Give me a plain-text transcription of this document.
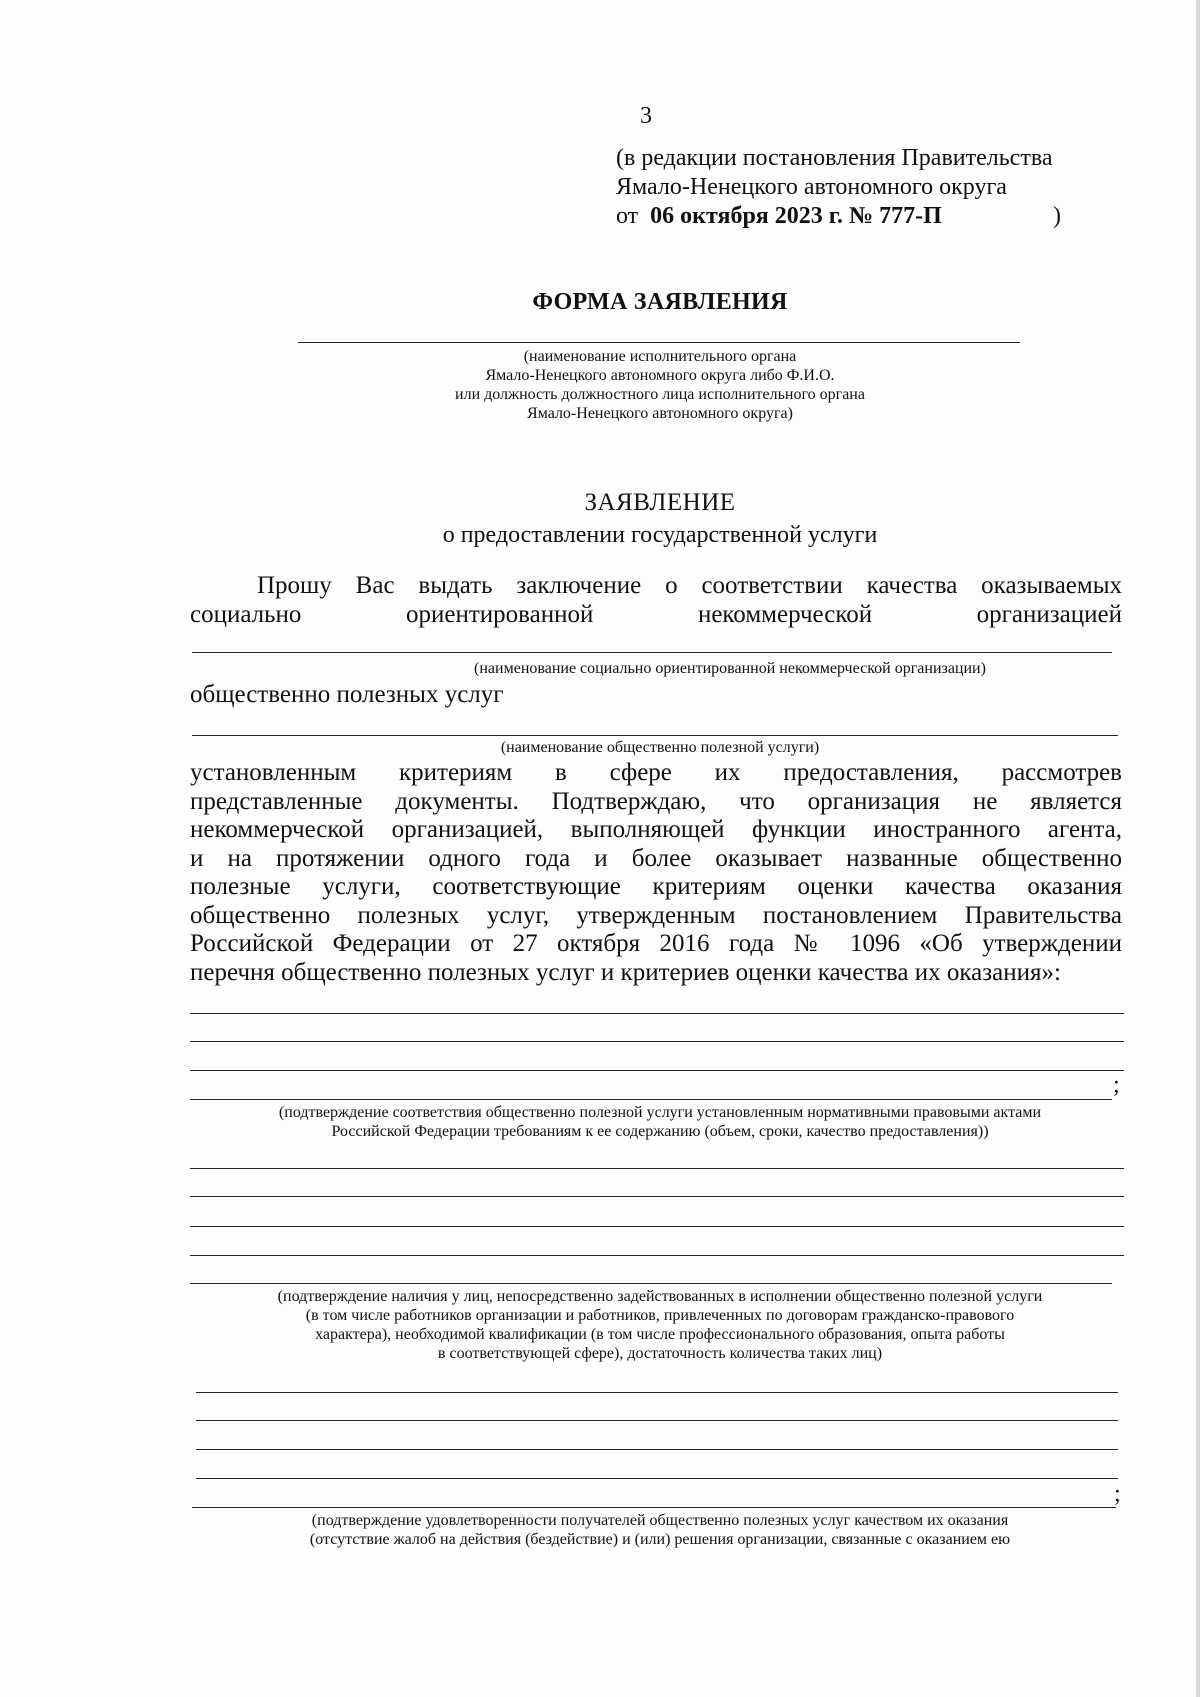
3
(в редакции постановления Правительства
Ямало-Ненецкого автономного округа
от 06 октября 2023 г. № 777-П	)
ФОРМА ЗАЯВЛЕНИЯ
(наименование исполнительного органа
Ямало-Ненецкого автономного округа либо Ф.И.О.
или должность должностного лица исполнительного органа
Ямало-Ненецкого автономного округа)
ЗАЯВЛЕНИЕ
о предоставлении государственной услуги
Прошу Вас выдать заключение о соответствии качества оказываемых
социально ориентированной некоммерческой организацией
(наименование социально ориентированной некоммерческой организации)
общественно полезных услуг
(наименование общественно полезной услуги)
установленным критериям в сфере их предоставления, рассмотрев
представленные документы. Подтверждаю, что организация не является
некоммерческой организацией, выполняющей функции иностранного агента,
и на протяжении одного года и более оказывает названные общественно
полезные услуги, соответствующие критериям оценки качества оказания
общественно полезных услуг, утвержденным постановлением Правительства
Российской Федерации от 27 октября 2016 года № 1096 «Об утверждении
перечня общественно полезных услуг и критериев оценки качества их оказания»:
;
(подтверждение соответствия общественно полезной услуги установленным нормативными правовыми актами
Российской Федерации требованиям к ее содержанию (объем, сроки, качество предоставления))
(подтверждение наличия у лиц, непосредственно задействованных в исполнении общественно полезной услуги
(в том числе работников организации и работников, привлеченных по договорам гражданско-правового
характера), необходимой квалификации (в том числе профессионального образования, опыта работы
в соответствующей сфере), достаточность количества таких лиц)
;
(подтверждение удовлетворенности получателей общественно полезных услуг качеством их оказания
(отсутствие жалоб на действия (бездействие) и (или) решения организации, связанные с оказанием ею
